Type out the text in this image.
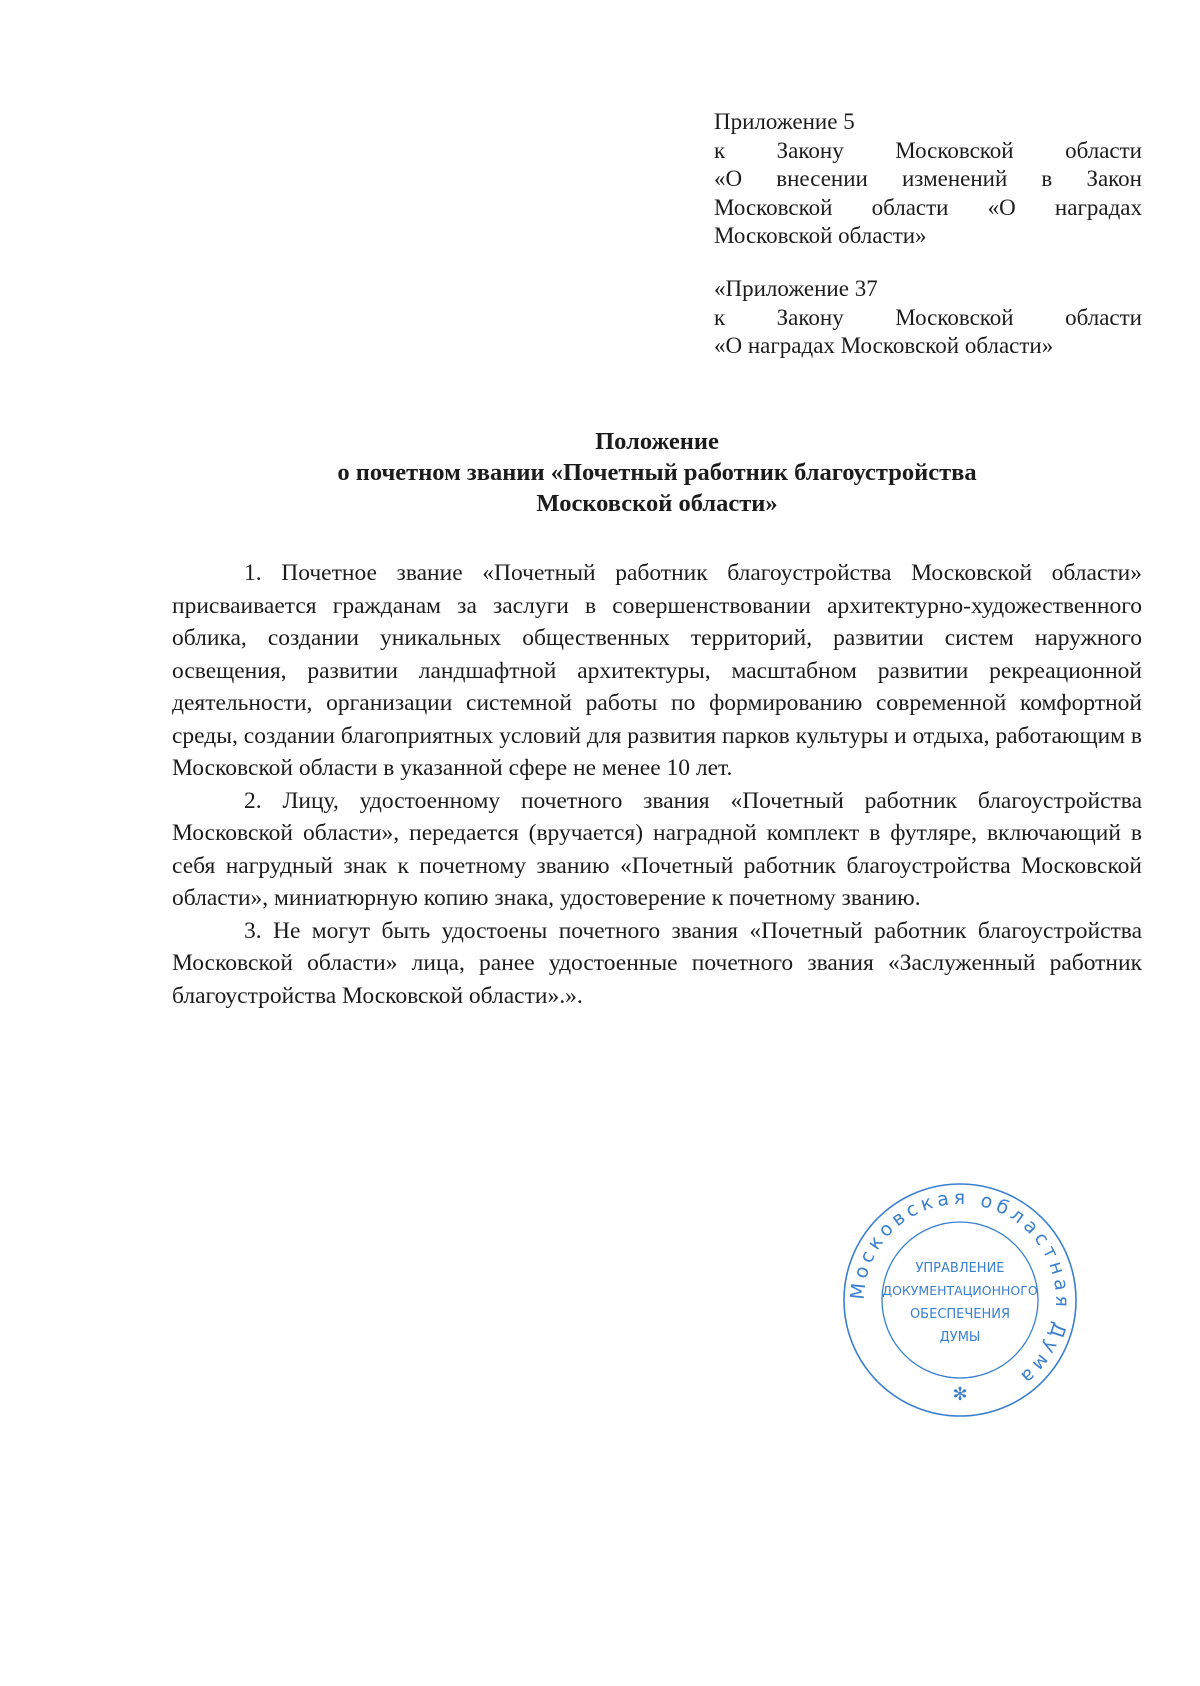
Приложение 5
к Закону Московской области
«О внесении изменений в Закон
Московской области «О наградах
Московской области»
«Приложение 37
к Закону Московской области
«О наградах Московской области»
Положение
о почетном звании «Почетный работник благоустройства
Московской области»

1. Почетное звание «Почетный работник благоустройства Московской области» присваивается гражданам за заслуги в совершенствовании архитектурно-художественного облика, создании уникальных общественных территорий, развитии систем наружного освещения, развитии ландшафтной архитектуры, масштабном развитии рекреационной деятельности, организации системной работы по формированию современной комфортной среды, создании благоприятных условий для развития парков культуры и отдыха, работающим в Московской области в указанной сфере не менее 10 лет.

2. Лицу, удостоенному почетного звания «Почетный работник благоустройства Московской области», передается (вручается) наградной комплект в футляре, включающий в себя нагрудный знак к почетному званию «Почетный работник благоустройства Московской области», миниатюрную копию знака, удостоверение к почетному званию.

3. Не могут быть удостоены почетного звания «Почетный работник благоустройства Московской области» лица, ранее удостоенные почетного звания «Заслуженный работник благоустройства Московской области».».

Московская областная Дума
УПРАВЛЕНИЕ
ДОКУМЕНТАЦИОННОГО
ОБЕСПЕЧЕНИЯ
ДУМЫ
✻
